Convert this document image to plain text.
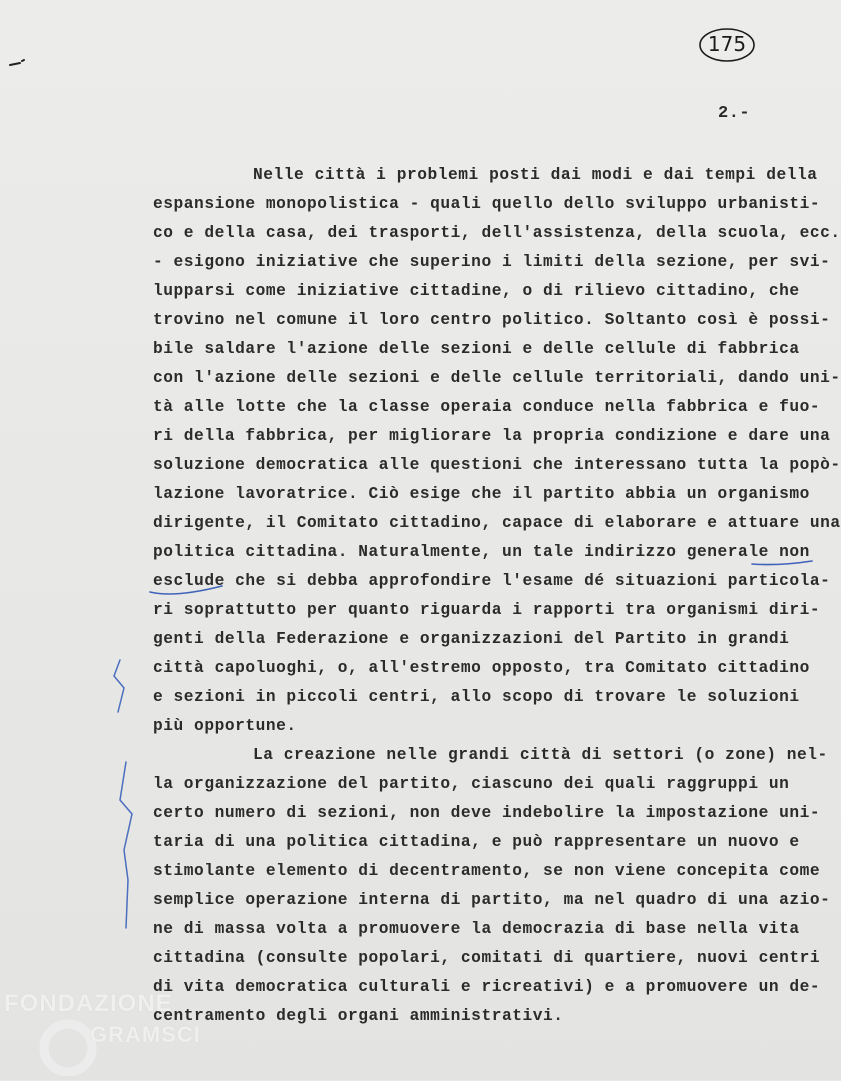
175
2.-
Nelle città i problemi posti dai modi e dai tempi della
espansione monopolistica - quali quello dello sviluppo urbanisti-
co e della casa, dei trasporti, dell'assistenza, della scuola, ecc.
- esigono iniziative che superino i limiti della sezione, per svi-
lupparsi come iniziative cittadine, o di rilievo cittadino, che
trovino nel comune il loro centro politico. Soltanto così è possi-
bile saldare l'azione delle sezioni e delle cellule di fabbrica
con l'azione delle sezioni e delle cellule territoriali, dando uni-
tà alle lotte che la classe operaia conduce nella fabbrica e fuo-
ri della fabbrica, per migliorare la propria condizione e dare una
soluzione democratica alle questioni che interessano tutta la popò-
lazione lavoratrice. Ciò esige che il partito abbia un organismo
dirigente, il Comitato cittadino, capace di elaborare e attuare una
politica cittadina. Naturalmente, un tale indirizzo generale non
esclude che si debba approfondire l'esame dé situazioni particola-
ri soprattutto per quanto riguarda i rapporti tra organismi diri-
genti della Federazione e organizzazioni del Partito in grandi
città capoluoghi, o, all'estremo opposto, tra Comitato cittadino
e sezioni in piccoli centri, allo scopo di trovare le soluzioni
più opportune.
La creazione nelle grandi città di settori (o zone) nel-
la organizzazione del partito, ciascuno dei quali raggruppi un
certo numero di sezioni, non deve indebolire la impostazione uni-
taria di una politica cittadina, e può rappresentare un nuovo e
stimolante elemento di decentramento, se non viene concepita come
semplice operazione interna di partito, ma nel quadro di una azio-
ne di massa volta a promuovere la democrazia di base nella vita
cittadina (consulte popolari, comitati di quartiere, nuovi centri
di vita democratica culturali e ricreativi) e a promuovere un de-
centramento degli organi amministrativi.
FONDAZIONE
GRAMSCI
